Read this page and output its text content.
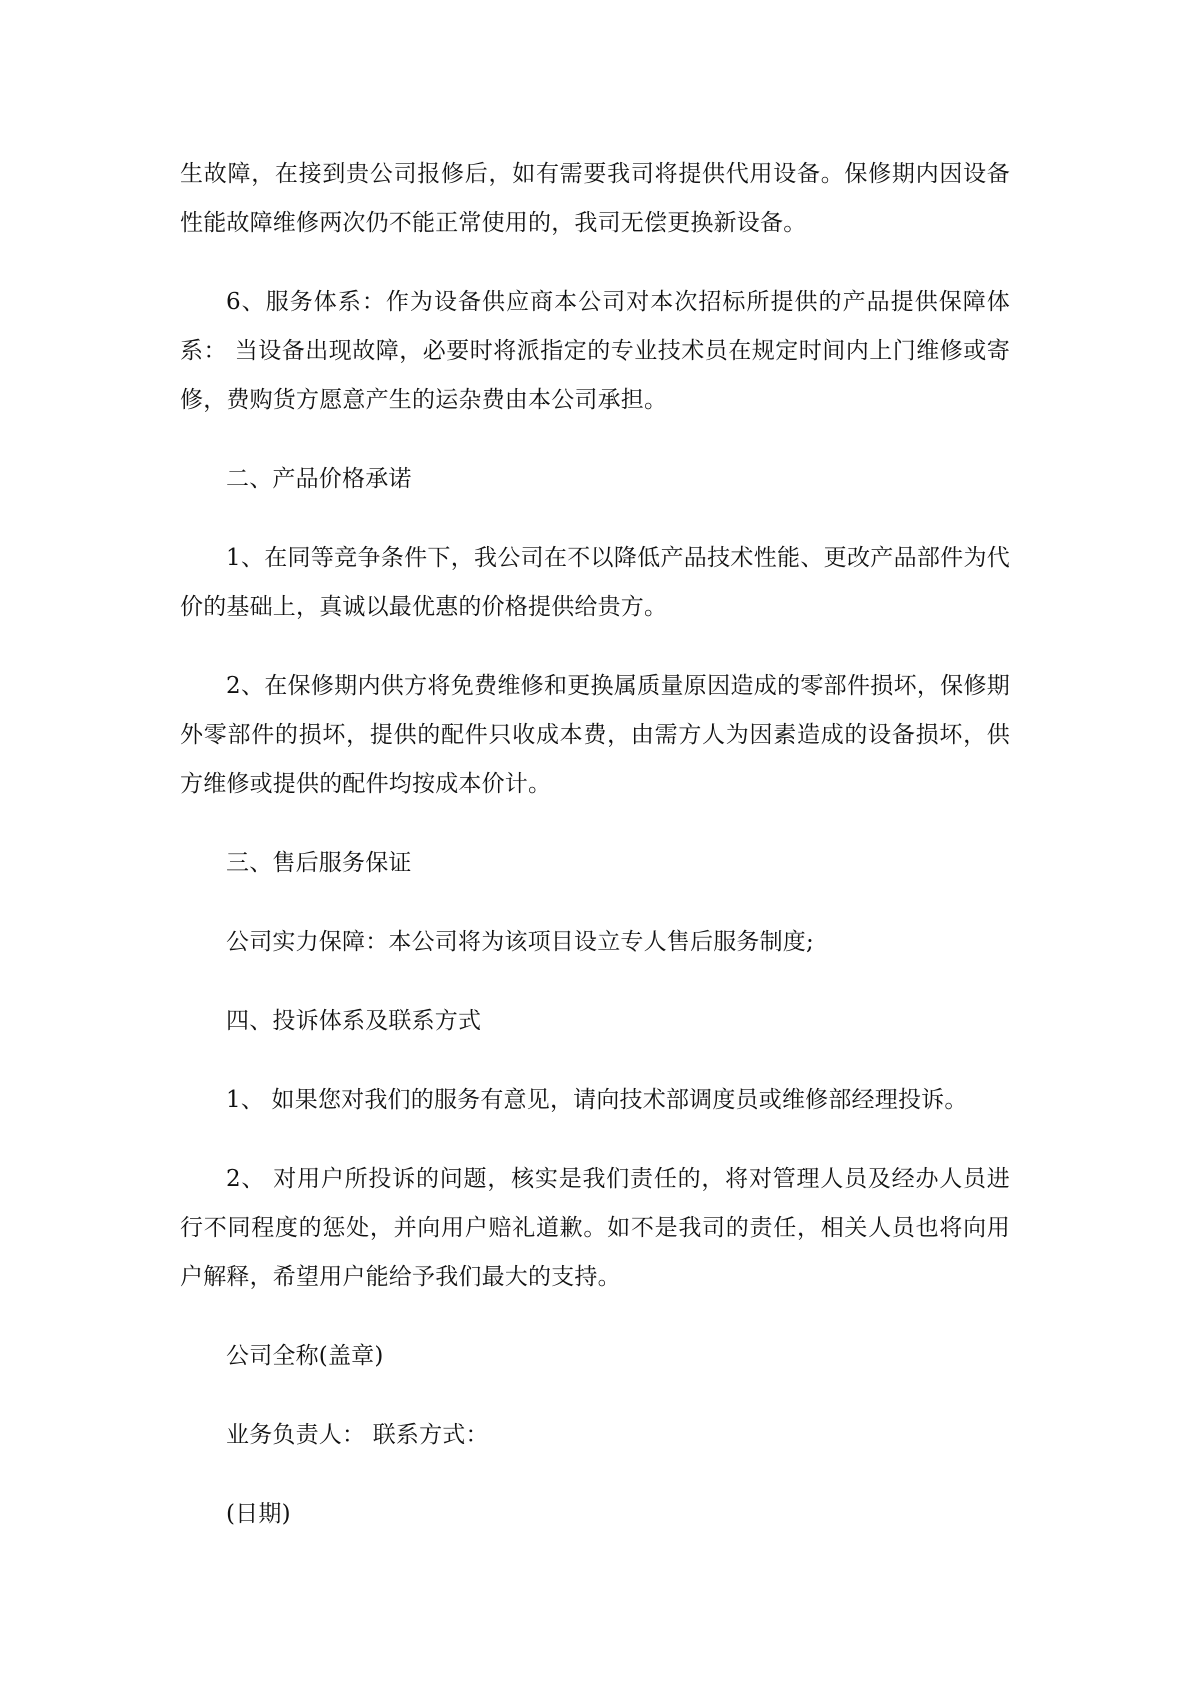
生故障，在接到贵公司报修后，如有需要我司将提供代用设备。保修期内因设备性能故障维修两次仍不能正常使用的，我司无偿更换新设备。

6、服务体系：作为设备供应商本公司对本次招标所提供的产品提供保障体系： 当设备出现故障，必要时将派指定的专业技术员在规定时间内上门维修或寄修，费购货方愿意产生的运杂费由本公司承担。

二、产品价格承诺

1、在同等竞争条件下，我公司在不以降低产品技术性能、更改产品部件为代价的基础上，真诚以最优惠的价格提供给贵方。

2、在保修期内供方将免费维修和更换属质量原因造成的零部件损坏，保修期外零部件的损坏，提供的配件只收成本费，由需方人为因素造成的设备损坏，供方维修或提供的配件均按成本价计。

三、售后服务保证

公司实力保障：本公司将为该项目设立专人售后服务制度;

四、投诉体系及联系方式

1、 如果您对我们的服务有意见，请向技术部调度员或维修部经理投诉。

2、 对用户所投诉的问题，核实是我们责任的，将对管理人员及经办人员进行不同程度的惩处，并向用户赔礼道歉。如不是我司的责任，相关人员也将向用户解释，希望用户能给予我们最大的支持。

公司全称(盖章)

业务负责人： 联系方式：

(日期)
